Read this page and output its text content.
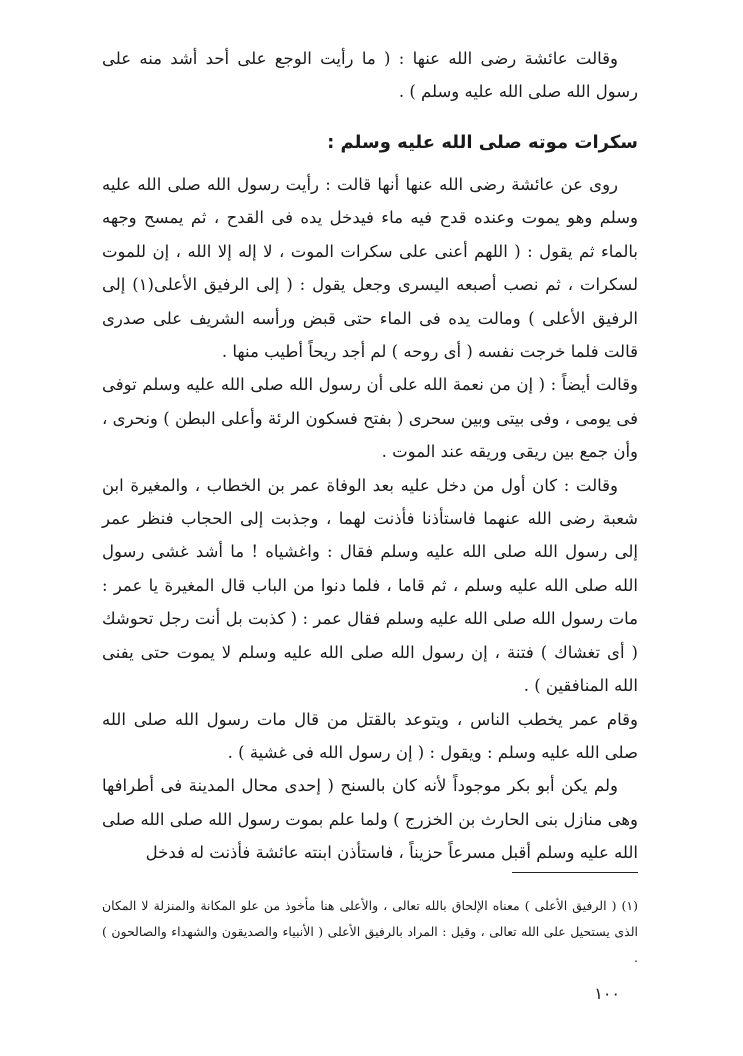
وقالت عائشة رضى الله عنها : ( ما رأيت الوجع على أحد أشد منه على رسول الله صلى الله عليه وسلم ) .

سكرات موته صلى الله عليه وسلم :

روى عن عائشة رضى الله عنها أنها قالت : رأيت رسول الله صلى الله عليه وسلم وهو يموت وعنده قدح فيه ماء فيدخل يده فى القدح ، ثم يمسح وجهه بالماء ثم يقول : ( اللهم أعنى على سكرات الموت ، لا إله إلا الله ، إن للموت لسكرات ، ثم نصب أصبعه اليسرى وجعل يقول : ( إلى الرفيق الأعلى(١) إلى الرفيق الأعلى ) ومالت يده فى الماء حتى قبض ورأسه الشريف على صدرى قالت فلما خرجت نفسه ( أى روحه ) لم أجد ريحاً أطيب منها .

وقالت أيضاً : ( إن من نعمة الله على أن رسول الله صلى الله عليه وسلم توفى فى يومى ، وفى بيتى وبين سحرى ( بفتح فسكون الرئة وأعلى البطن ) ونحرى ، وأن جمع بين ريقى وريقه عند الموت .

وقالت : كان أول من دخل عليه بعد الوفاة عمر بن الخطاب ، والمغيرة ابن شعبة رضى الله عنهما فاستأذنا فأذنت لهما ، وجذبت إلى الحجاب فنظر عمر إلى رسول الله صلى الله عليه وسلم فقال : واغشياه ! ما أشد غشى رسول الله صلى الله عليه وسلم ، ثم قاما ، فلما دنوا من الباب قال المغيرة يا عمر : مات رسول الله صلى الله عليه وسلم فقال عمر : ( كذبت بل أنت رجل تحوشك ( أى تغشاك ) فتنة ، إن رسول الله صلى الله عليه وسلم لا يموت حتى يفنى الله المنافقين ) .

وقام عمر يخطب الناس ، ويتوعد بالقتل من قال مات رسول الله صلى الله صلى الله عليه وسلم : ويقول : ( إن رسول الله فى غشية ) .

ولم يكن أبو بكر موجوداً لأنه كان بالسنح ( إحدى محال المدينة فى أطرافها وهى منازل بنى الحارث بن الخزرج ) ولما علم بموت رسول الله صلى الله صلى الله عليه وسلم أقبل مسرعاً حزيناً ، فاستأذن ابنته عائشة فأذنت له فدخل

(١) ( الرفيق الأعلى ) معناه الإلحاق بالله تعالى ، والأعلى هنا مأخوذ من علو المكانة والمنزلة لا المكان الذى يستحيل على الله تعالى ، وقيل : المراد بالرفيق الأعلى ( الأنبياء والصديقون والشهداء والصالحون ) .

١٠٠
